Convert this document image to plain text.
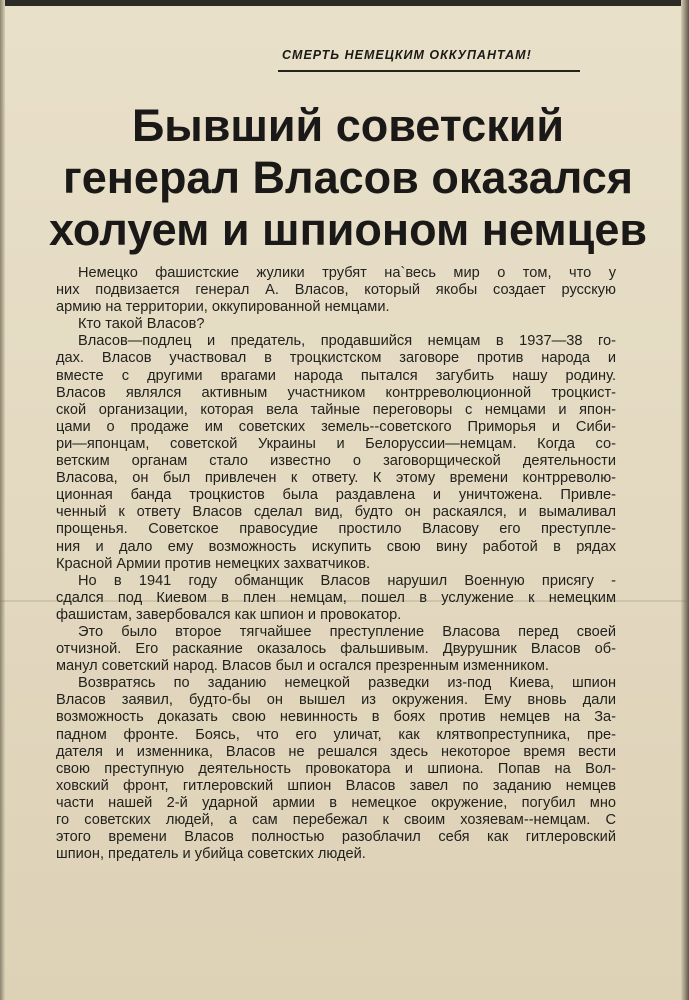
СМЕРТЬ НЕМЕЦКИМ ОККУПАНТАМ!
Бывший советский
генерал Власов оказался
холуем и шпионом немцев
Немецко фашистские жулики трубят на`весь мир о том, что у
них подвизается генерал А. Власов, который якобы создает русскую
армию на территории, оккупированной немцами.
Кто такой Власов?
Власов—подлец и предатель, продавшийся немцам в 1937—38 го-
дах. Власов участвовал в троцкистском заговоре против народа и
вместе с другими врагами народа пытался загубить нашу родину.
Власов являлся активным участником контрреволюционной троцкист-
ской организации, которая вела тайные переговоры с немцами и япон-
цами о продаже им советских земель--советского Приморья и Сиби-
ри—японцам, советской Украины и Белоруссии—немцам. Когда со-
ветским органам стало известно о заговорщической деятельности
Власова, он был привлечен к ответу. К этому времени контрреволю-
ционная банда троцкистов была раздавлена и уничтожена. Привле-
ченный к ответу Власов сделал вид, будто он раскаялся, и вымаливал
прощенья. Советское правосудие простило Власову его преступле-
ния и дало ему возможность искупить свою вину работой в рядах
Красной Армии против немецких захватчиков.
Но в 1941 году обманщик Власов нарушил Военную присягу -
сдался под Киевом в плен немцам, пошел в услужение к немецким
фашистам, завербовался как шпион и провокатор.
Это было второе тягчайшее преступление Власова перед своей
отчизной. Его раскаяние оказалось фальшивым. Двурушник Власов об-
манул советский народ. Власов был и осгался презренным изменником.
Возвратясь по заданию немецкой разведки из-под Киева, шпион
Власов заявил, будто-бы он вышел из окружения. Ему вновь дали
возможность доказать свою невинность в боях против немцев на За-
падном фронте. Боясь, что его уличат, как клятвопреступника, пре-
дателя и изменника, Власов не решался здесь некоторое время вести
свою преступную деятельность провокатора и шпиона. Попав на Вол-
ховский фронт, гитлеровский шпион Власов завел по заданию немцев
части нашей 2-й ударной армии в немецкое окружение, погубил мно
го советских людей, а сам перебежал к своим хозяевам--немцам. С
этого времени Власов полностью разоблачил себя как гитлеровский
шпион, предатель и убийца советских людей.
